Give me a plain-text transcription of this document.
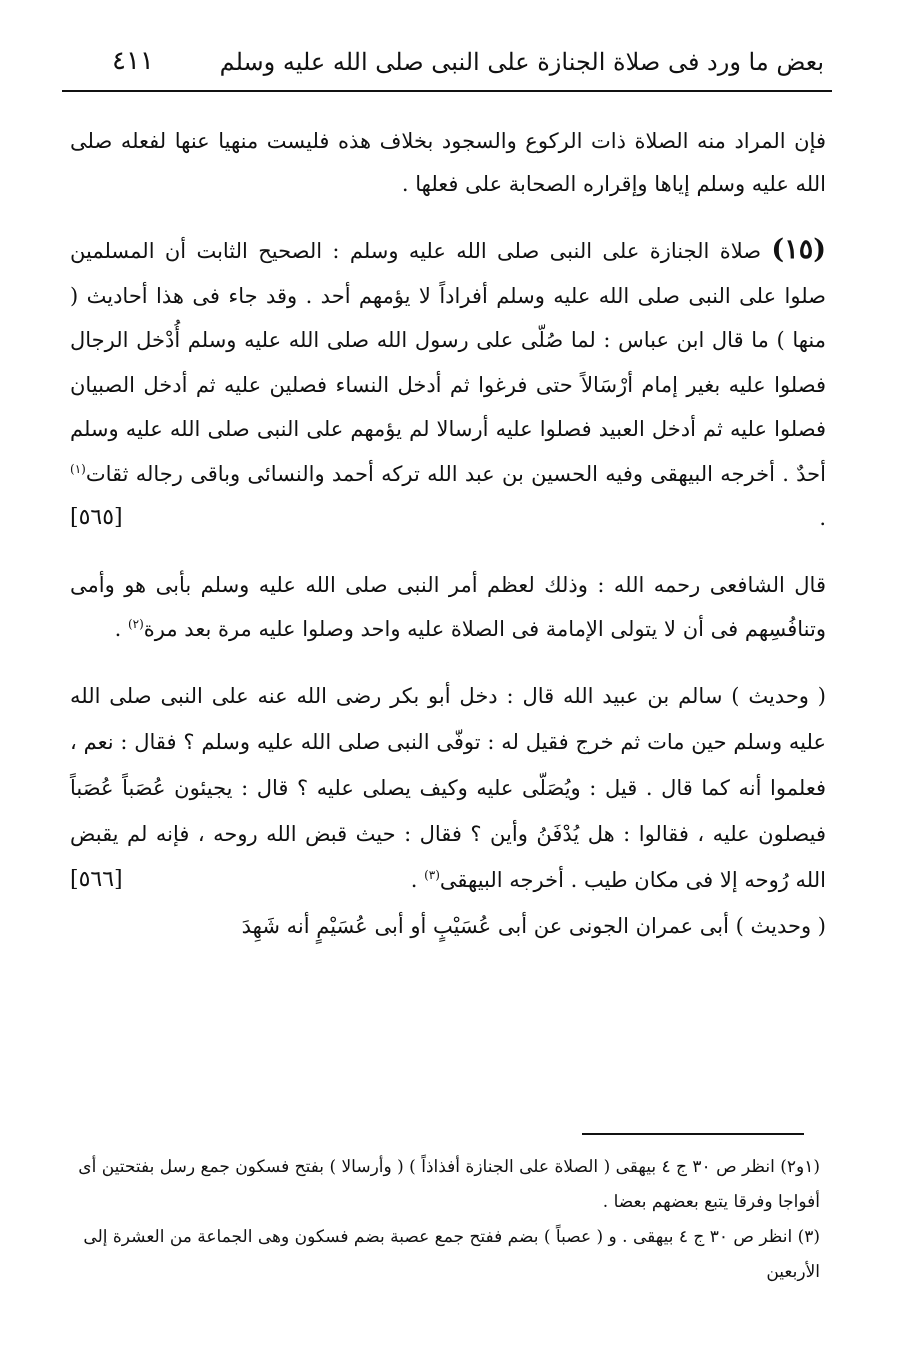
٤١١	بعض ما ورد فى صلاة الجنازة على النبى صلى الله عليه وسلم

فإن المراد منه الصلاة ذات الركوع والسجود بخلاف هذه فليست منهيا عنها لفعله صلى الله عليه وسلم إياها وإقراره الصحابة على فعلها .

(١٥) صلاة الجنازة على النبى صلى الله عليه وسلم : الصحيح الثابت أن المسلمين صلوا على النبى صلى الله عليه وسلم أفراداً لا يؤمهم أحد . وقد جاء فى هذا أحاديث ( منها ) ما قال ابن عباس : لما صُلّى على رسول الله صلى الله عليه وسلم أُدْخل الرجال فصلوا عليه بغير إمام أرْسَالاً حتى فرغوا ثم أدخل النساء فصلين عليه ثم أدخل الصبيان فصلوا عليه ثم أدخل العبيد فصلوا عليه أرسالا لم يؤمهم على النبى صلى الله عليه وسلم أحدٌ . أخرجه البيهقى وفيه الحسين بن عبد الله تركه أحمد والنسائى وباقى رجاله ثقات$^{(١)}$ .
[٥٦٥]

قال الشافعى رحمه الله : وذلك لعظم أمر النبى صلى الله عليه وسلم بأبى هو وأمى وتنافُسِهم فى أن لا يتولى الإمامة فى الصلاة عليه واحد وصلوا عليه مرة بعد مرة$^{(٢)}$ .

( وحديث ) سالم بن عبيد الله قال : دخل أبو بكر رضى الله عنه على النبى صلى الله عليه وسلم حين مات ثم خرج فقيل له : توفّى النبى صلى الله عليه وسلم ؟ فقال : نعم ، فعلموا أنه كما قال . قيل : ويُصَلّى عليه وكيف يصلى عليه ؟ قال : يجيئون عُصَباً عُصَباً فيصلون عليه ، فقالوا : هل يُدْفَنُ وأين ؟ فقال : حيث قبض الله روحه ، فإنه لم يقبض الله رُوحه إلا فى مكان طيب . أخرجه البيهقى$^{(٣)}$ .
[٥٦٦]

( وحديث ) أبى عمران الجونى عن أبى عُسَيْبٍ أو أبى عُسَيْمٍ أنه شَهِدَ

(١و٢) انظر ص ٣٠ ج ٤ بيهقى ( الصلاة على الجنازة أفذاذاً ) ( وأرسالا ) بفتح فسكون جمع رسل بفتحتين أى أفواجا وفرقا يتبع بعضهم بعضا .

(٣) انظر ص ٣٠ ج ٤ بيهقى . و ( عصباً ) بضم ففتح جمع عصبة بضم فسكون وهى الجماعة من العشرة إلى الأربعين
